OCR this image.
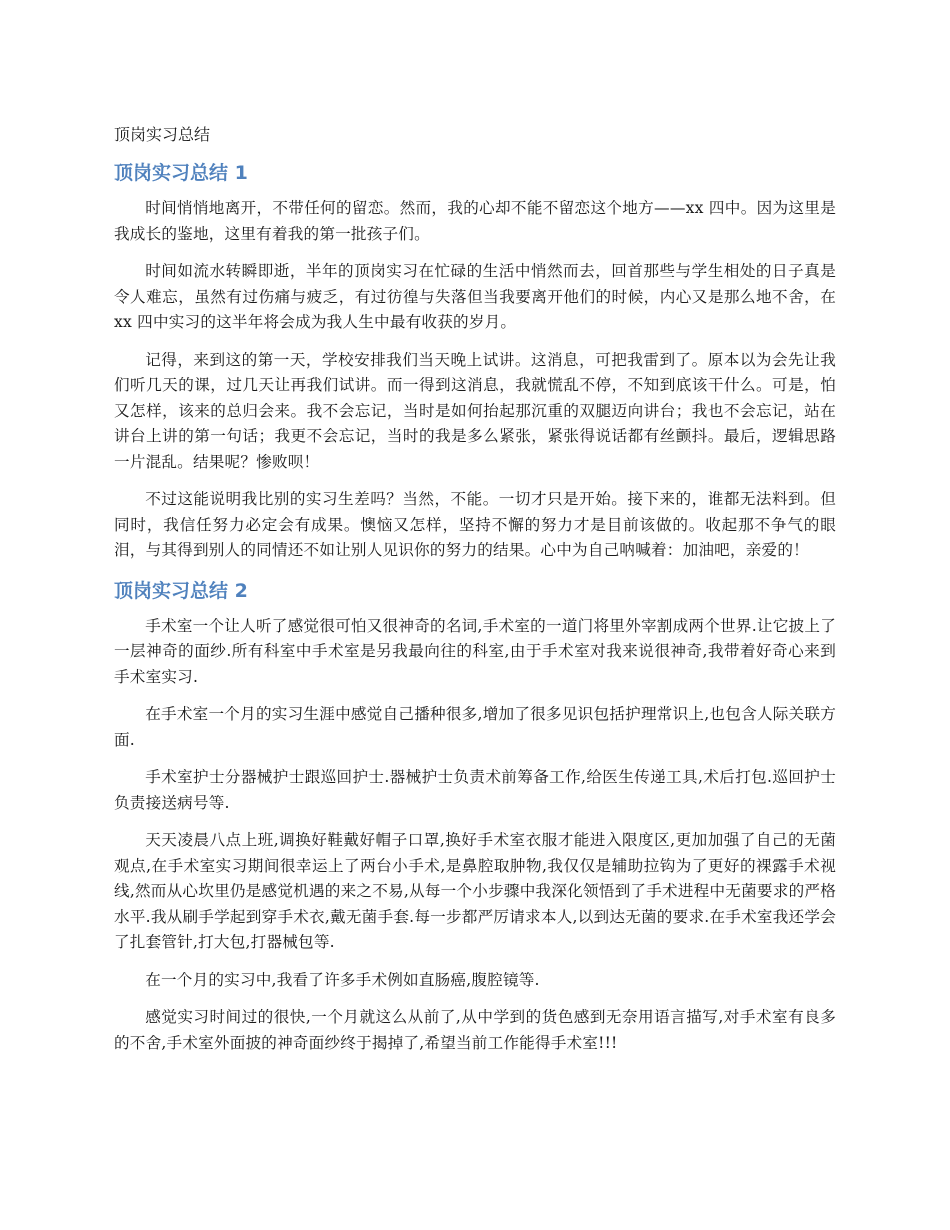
顶岗实习总结
顶岗实习总结 1

时间悄悄地离开，不带任何的留恋。然而，我的心却不能不留恋这个地方——xx 四中。因为这里是我成长的鉴地，这里有着我的第一批孩子们。

时间如流水转瞬即逝，半年的顶岗实习在忙碌的生活中悄然而去，回首那些与学生相处的日子真是令人难忘，虽然有过伤痛与疲乏，有过彷徨与失落但当我要离开他们的时候，内心又是那么地不舍，在 xx 四中实习的这半年将会成为我人生中最有收获的岁月。

记得，来到这的第一天，学校安排我们当天晚上试讲。这消息，可把我雷到了。原本以为会先让我们听几天的课，过几天让再我们试讲。而一得到这消息，我就慌乱不停，不知到底该干什么。可是，怕又怎样，该来的总归会来。我不会忘记，当时是如何抬起那沉重的双腿迈向讲台；我也不会忘记，站在讲台上讲的第一句话；我更不会忘记，当时的我是多么紧张，紧张得说话都有丝颤抖。最后，逻辑思路一片混乱。结果呢？惨败呗！

不过这能说明我比别的实习生差吗？当然，不能。一切才只是开始。接下来的，谁都无法料到。但同时，我信任努力必定会有成果。懊恼又怎样，坚持不懈的努力才是目前该做的。收起那不争气的眼泪，与其得到别人的同情还不如让别人见识你的努力的结果。心中为自己呐喊着：加油吧，亲爱的！

顶岗实习总结 2

手术室一个让人听了感觉很可怕又很神奇的名词,手术室的一道门将里外宰割成两个世界.让它披上了一层神奇的面纱.所有科室中手术室是另我最向往的科室,由于手术室对我来说很神奇,我带着好奇心来到手术室实习.

在手术室一个月的实习生涯中感觉自己播种很多,增加了很多见识包括护理常识上,也包含人际关联方面.

手术室护士分器械护士跟巡回护士.器械护士负责术前筹备工作,给医生传递工具,术后打包.巡回护士负责接送病号等.

天天凌晨八点上班,调换好鞋戴好帽子口罩,换好手术室衣服才能进入限度区,更加加强了自己的无菌观点,在手术室实习期间很幸运上了两台小手术,是鼻腔取肿物,我仅仅是辅助拉钩为了更好的裸露手术视线,然而从心坎里仍是感觉机遇的来之不易,从每一个小步骤中我深化领悟到了手术进程中无菌要求的严格水平.我从刷手学起到穿手术衣,戴无菌手套.每一步都严厉请求本人,以到达无菌的要求.在手术室我还学会了扎套管针,打大包,打器械包等.

在一个月的实习中,我看了许多手术例如直肠癌,腹腔镜等.

感觉实习时间过的很快,一个月就这么从前了,从中学到的货色感到无奈用语言描写,对手术室有良多的不舍,手术室外面披的神奇面纱终于揭掉了,希望当前工作能得手术室!!!
